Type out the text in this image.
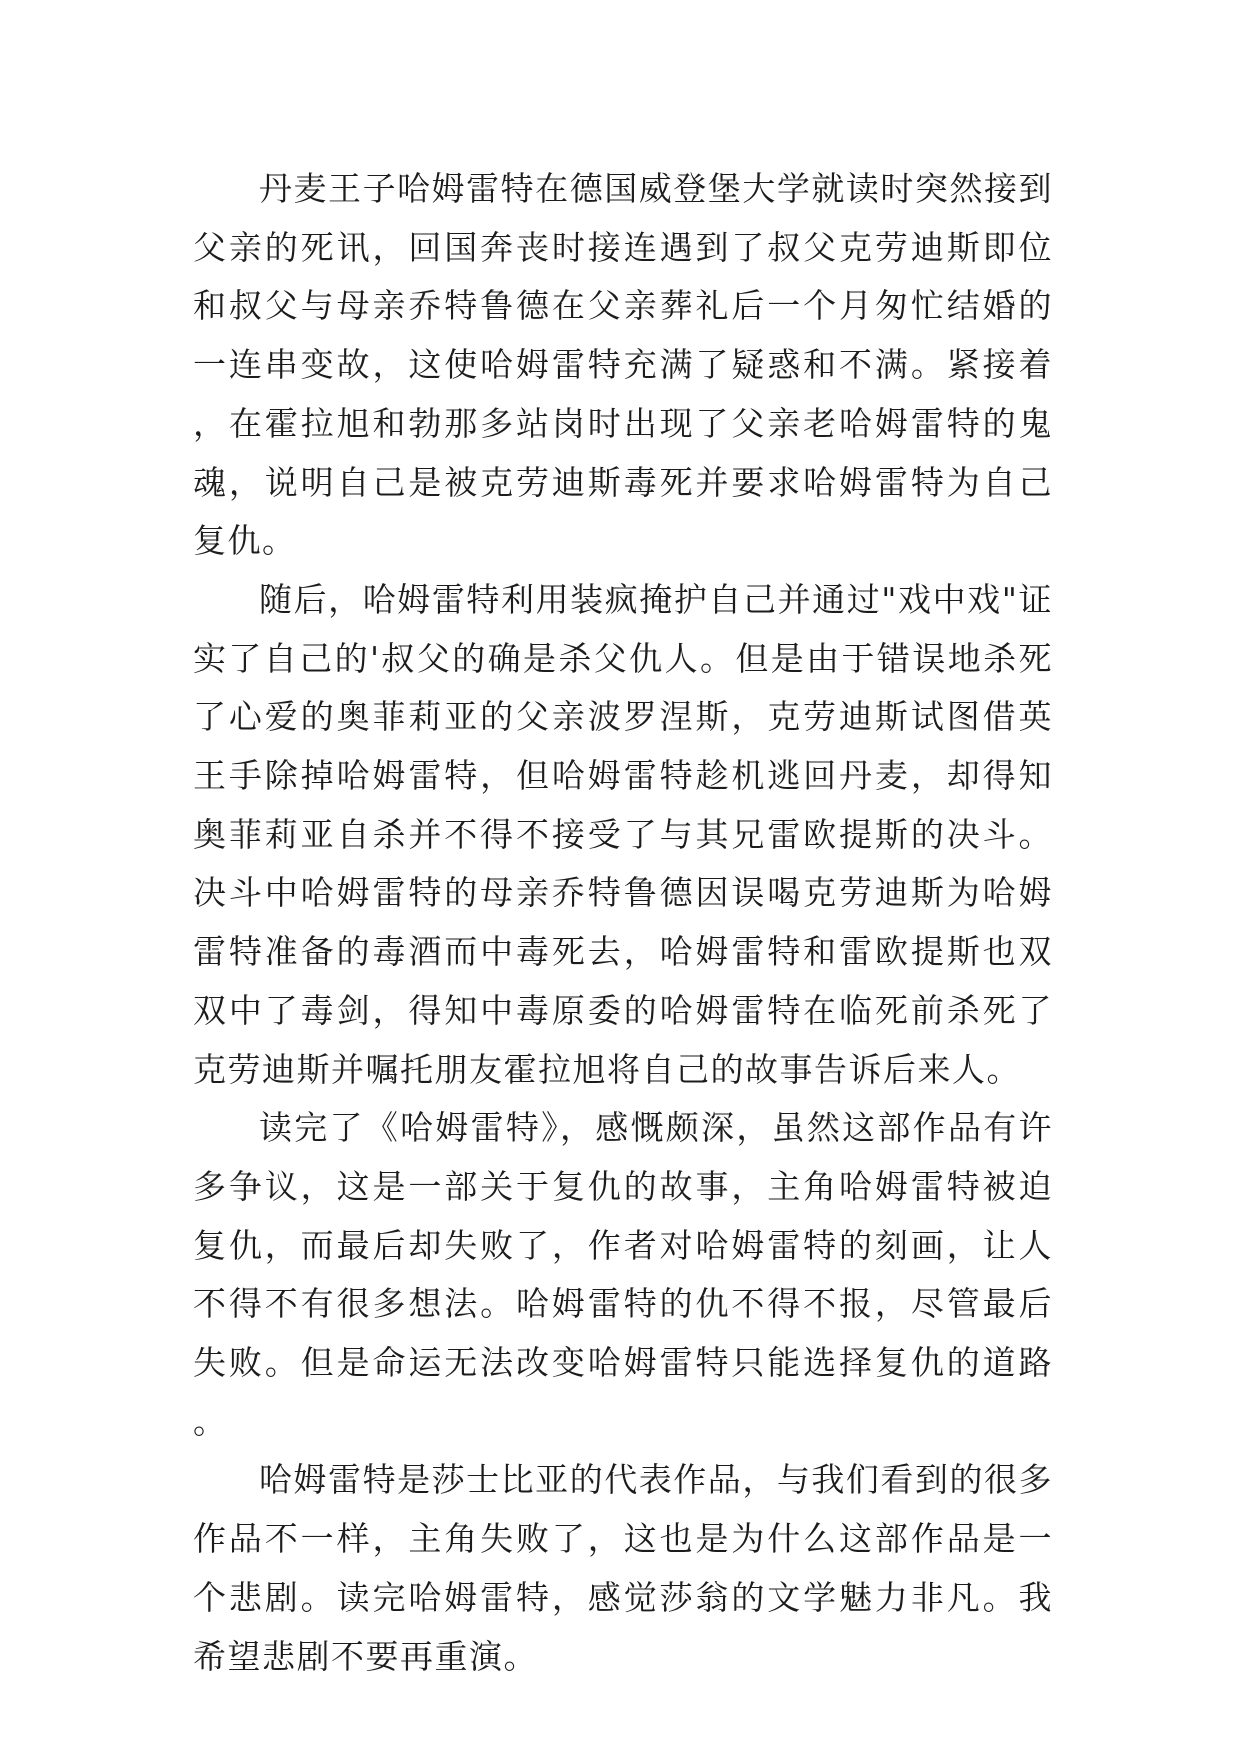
丹麦王子哈姆雷特在德国威登堡大学就读时突然接到父亲的死讯，回国奔丧时接连遇到了叔父克劳迪斯即位和叔父与母亲乔特鲁德在父亲葬礼后一个月匆忙结婚的一连串变故，这使哈姆雷特充满了疑惑和不满。紧接着，在霍拉旭和勃那多站岗时出现了父亲老哈姆雷特的鬼魂，说明自己是被克劳迪斯毒死并要求哈姆雷特为自己复仇。

随后，哈姆雷特利用装疯掩护自己并通过"戏中戏"证实了自己的'叔父的确是杀父仇人。但是由于错误地杀死了心爱的奥菲莉亚的父亲波罗涅斯，克劳迪斯试图借英王手除掉哈姆雷特，但哈姆雷特趁机逃回丹麦，却得知奥菲莉亚自杀并不得不接受了与其兄雷欧提斯的决斗。决斗中哈姆雷特的母亲乔特鲁德因误喝克劳迪斯为哈姆雷特准备的毒酒而中毒死去，哈姆雷特和雷欧提斯也双双中了毒剑，得知中毒原委的哈姆雷特在临死前杀死了克劳迪斯并嘱托朋友霍拉旭将自己的故事告诉后来人。

读完了《哈姆雷特》，感慨颇深，虽然这部作品有许多争议，这是一部关于复仇的故事，主角哈姆雷特被迫复仇，而最后却失败了，作者对哈姆雷特的刻画，让人不得不有很多想法。哈姆雷特的仇不得不报，尽管最后失败。但是命运无法改变哈姆雷特只能选择复仇的道路。

哈姆雷特是莎士比亚的代表作品，与我们看到的很多作品不一样，主角失败了，这也是为什么这部作品是一个悲剧。读完哈姆雷特，感觉莎翁的文学魅力非凡。我希望悲剧不要再重演。
